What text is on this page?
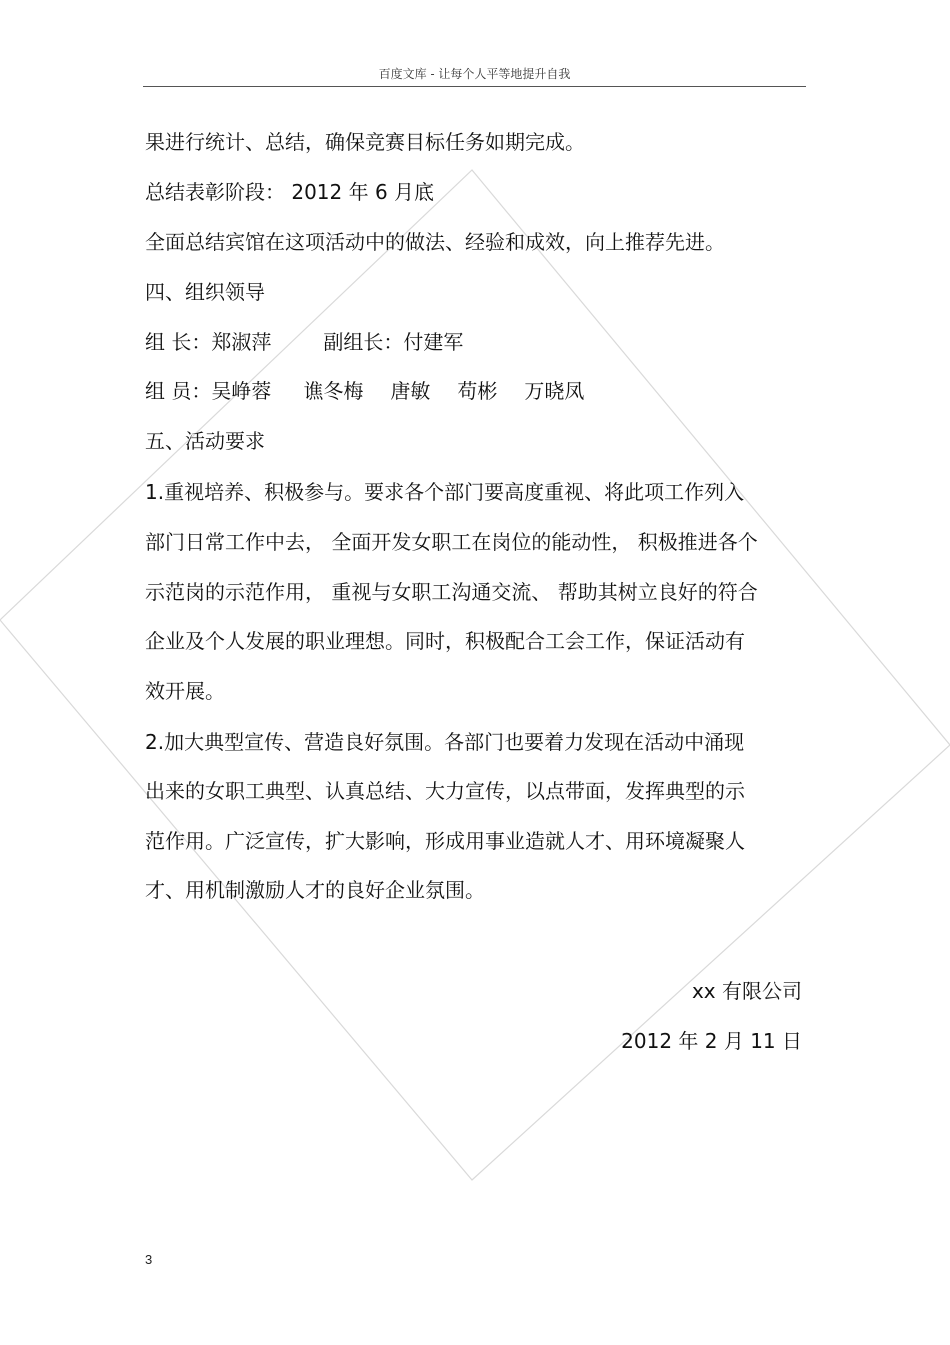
百度文库 - 让每个人平等地提升自我
果进行统计、总结，确保竞赛目标任务如期完成。
总结表彰阶段： 2012 年 6 月底
全面总结宾馆在这项活动中的做法、经验和成效，向上推荐先进。
四、组织领导
组 长：郑淑萍	副组长：付建军
组 员：吴峥蓉 谯冬梅 唐敏 苟彬 万晓凤
五、活动要求
1.重视培养、积极参与。要求各个部门要高度重视、将此项工作列入
部门日常工作中去， 全面开发女职工在岗位的能动性， 积极推进各个
示范岗的示范作用， 重视与女职工沟通交流、 帮助其树立良好的符合
企业及个人发展的职业理想。同时，积极配合工会工作，保证活动有
效开展。
2.加大典型宣传、营造良好氛围。各部门也要着力发现在活动中涌现
出来的女职工典型、认真总结、大力宣传，以点带面，发挥典型的示
范作用。广泛宣传，扩大影响，形成用事业造就人才、用环境凝聚人
才、用机制激励人才的良好企业氛围。
xx 有限公司
2012 年 2 月 11 日
3
